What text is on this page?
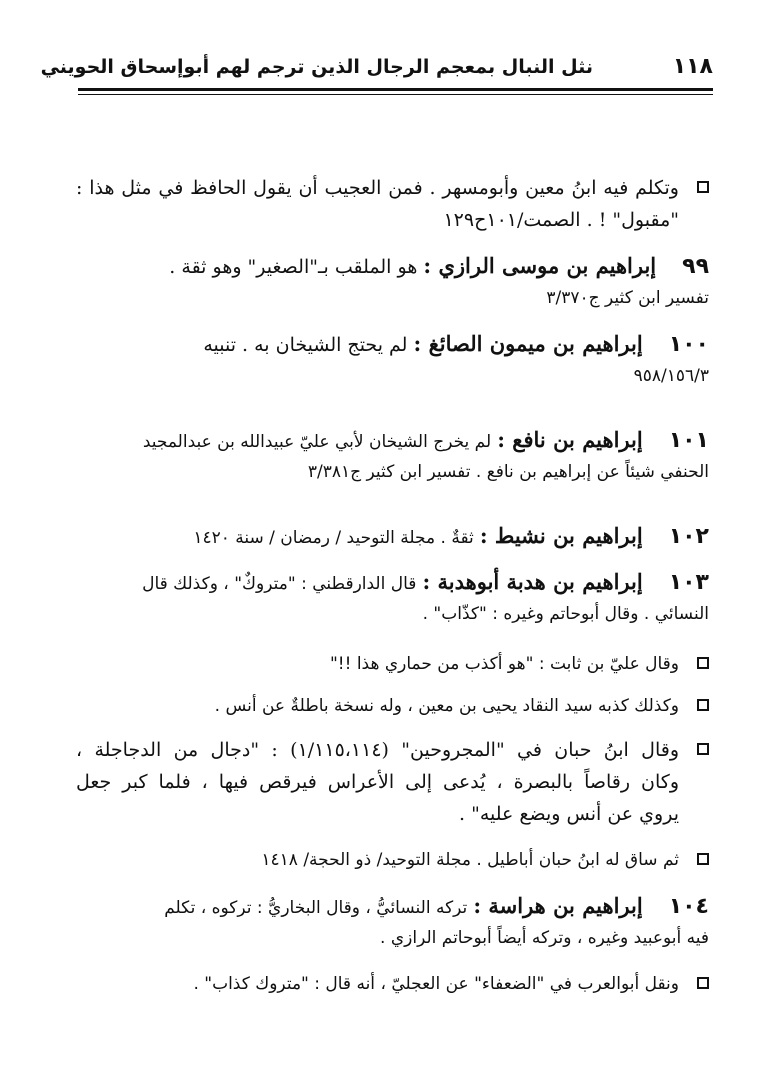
١١٨
نثل النبال بمعجم الرجال الذين ترجم لهم أبوإسحاق الحويني
وتكلم فيه ابنُ معين وأبومسهر . فمن العجيب أن يقول الحافظ في مثل هذا :
"مقبول" ! . الصمت/١٠١ح١٢٩
٩٩إبراهيم بن موسى الرازي : هو الملقب بـ"الصغير" وهو ثقة .
تفسير ابن كثير ج٣/٣٧٠
١٠٠إبراهيم بن ميمون الصائغ : لم يحتج الشيخان به . تنبيه
٩٥٨/١٥٦/٣
١٠١إبراهيم بن نافع : لم يخرج الشيخان لأبي عليّ عبيدالله بن عبدالمجيد
الحنفي شيئاً عن إبراهيم بن نافع . تفسير ابن كثير ج٣/٣٨١
١٠٢إبراهيم بن نشيط : ثقةٌ . مجلة التوحيد / رمضان / سنة ١٤٢٠
١٠٣إبراهيم بن هدبة أبوهدبة : قال الدارقطني : "متروكٌ" ، وكذلك قال
النسائي . وقال أبوحاتم وغيره : "كذّاب" .
وقال عليّ بن ثابت : "هو أكذب من حماري هذا !!"
وكذلك كذبه سيد النقاد يحيى بن معين ، وله نسخة باطلةٌ عن أنس .
وقال ابنُ حبان في "المجروحين" (١/١١٥،١١٤) : "دجال من الدجاجلة ،
وكان رقاصاً بالبصرة ، يُدعى إلى الأعراس فيرقص فيها ، فلما كبر جعل
يروي عن أنس ويضع عليه" .
ثم ساق له ابنُ حبان أباطيل . مجلة التوحيد/ ذو الحجة/ ١٤١٨
١٠٤إبراهيم بن هراسة : تركه النسائيُّ ، وقال البخاريُّ : تركوه ، تكلم
فيه أبوعبيد وغيره ، وتركه أيضاً أبوحاتم الرازي .
ونقل أبوالعرب في "الضعفاء" عن العجليّ ، أنه قال : "متروك كذاب" .
